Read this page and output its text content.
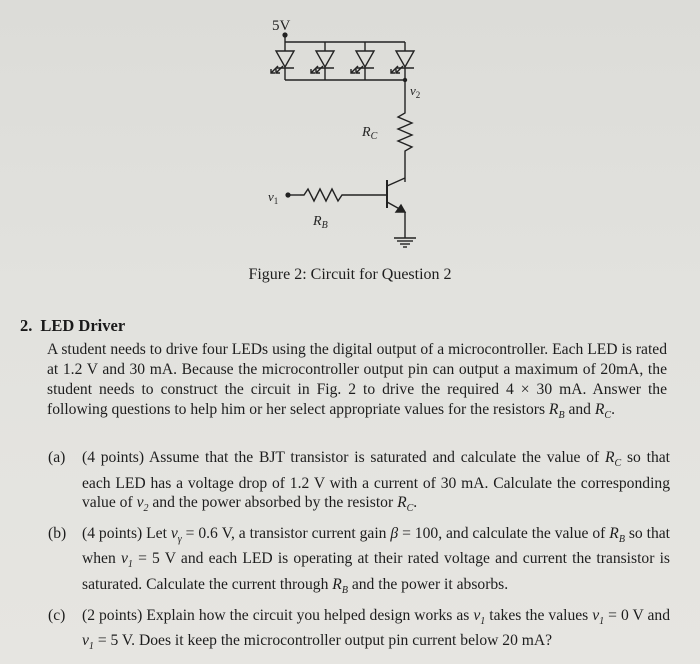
5V
$v_2$
$R_C$
$v_1$
$R_B$
Figure 2: Circuit for Question 2
2. LED Driver
A student needs to drive four LEDs using the digital output of a microcontroller. Each LED is rated at 1.2 V and 30 mA. Because the microcontroller output pin can output a maximum of 20mA, the student needs to construct the circuit in Fig. 2 to drive the required 4 × 30 mA. Answer the following questions to help him or her select appropriate values for the resistors $R_B$ and $R_C$.
(a) (4 points) Assume that the BJT transistor is saturated and calculate the value of $R_C$ so that each LED has a voltage drop of 1.2 V with a current of 30 mA. Calculate the corresponding value of $v_2$ and the power absorbed by the resistor $R_C$.
(b) (4 points) Let $v_\gamma = 0.6$ V, a transistor current gain β = 100, and calculate the value of $R_B$ so that when $v_1 = 5$ V and each LED is operating at their rated voltage and current the transistor is saturated. Calculate the current through $R_B$ and the power it absorbs.
(c) (2 points) Explain how the circuit you helped design works as $v_1$ takes the values $v_1 = 0$ V and $v_1 = 5$ V. Does it keep the microcontroller output pin current below 20 mA?
